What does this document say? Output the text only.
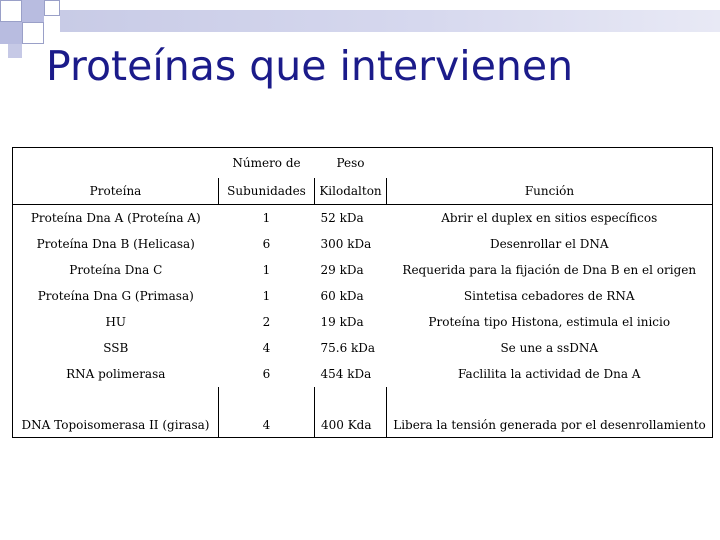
Proteínas que intervienen
	Número de	Peso	
Proteína	Subunidades	Kilodalton	Función
Proteína Dna A (Proteína A)	1	52 kDa	Abrir el duplex en sitios específicos
Proteína Dna B (Helicasa)	6	300 kDa	Desenrollar el DNA
Proteína Dna C	1	29 kDa	Requerida para la fijación de Dna B en el origen
Proteína Dna G (Primasa)	1	60 kDa	Sintetisa cebadores de RNA
HU	2	19 kDa	Proteína tipo Histona, estimula el inicio
SSB	4	75.6 kDa	Se une a ssDNA
RNA polimerasa	6	454 kDa	Faclilita la actividad de Dna A
DNA Topoisomerasa II (girasa)	4	400 Kda	Libera la tensión generada por el desenrollamiento
